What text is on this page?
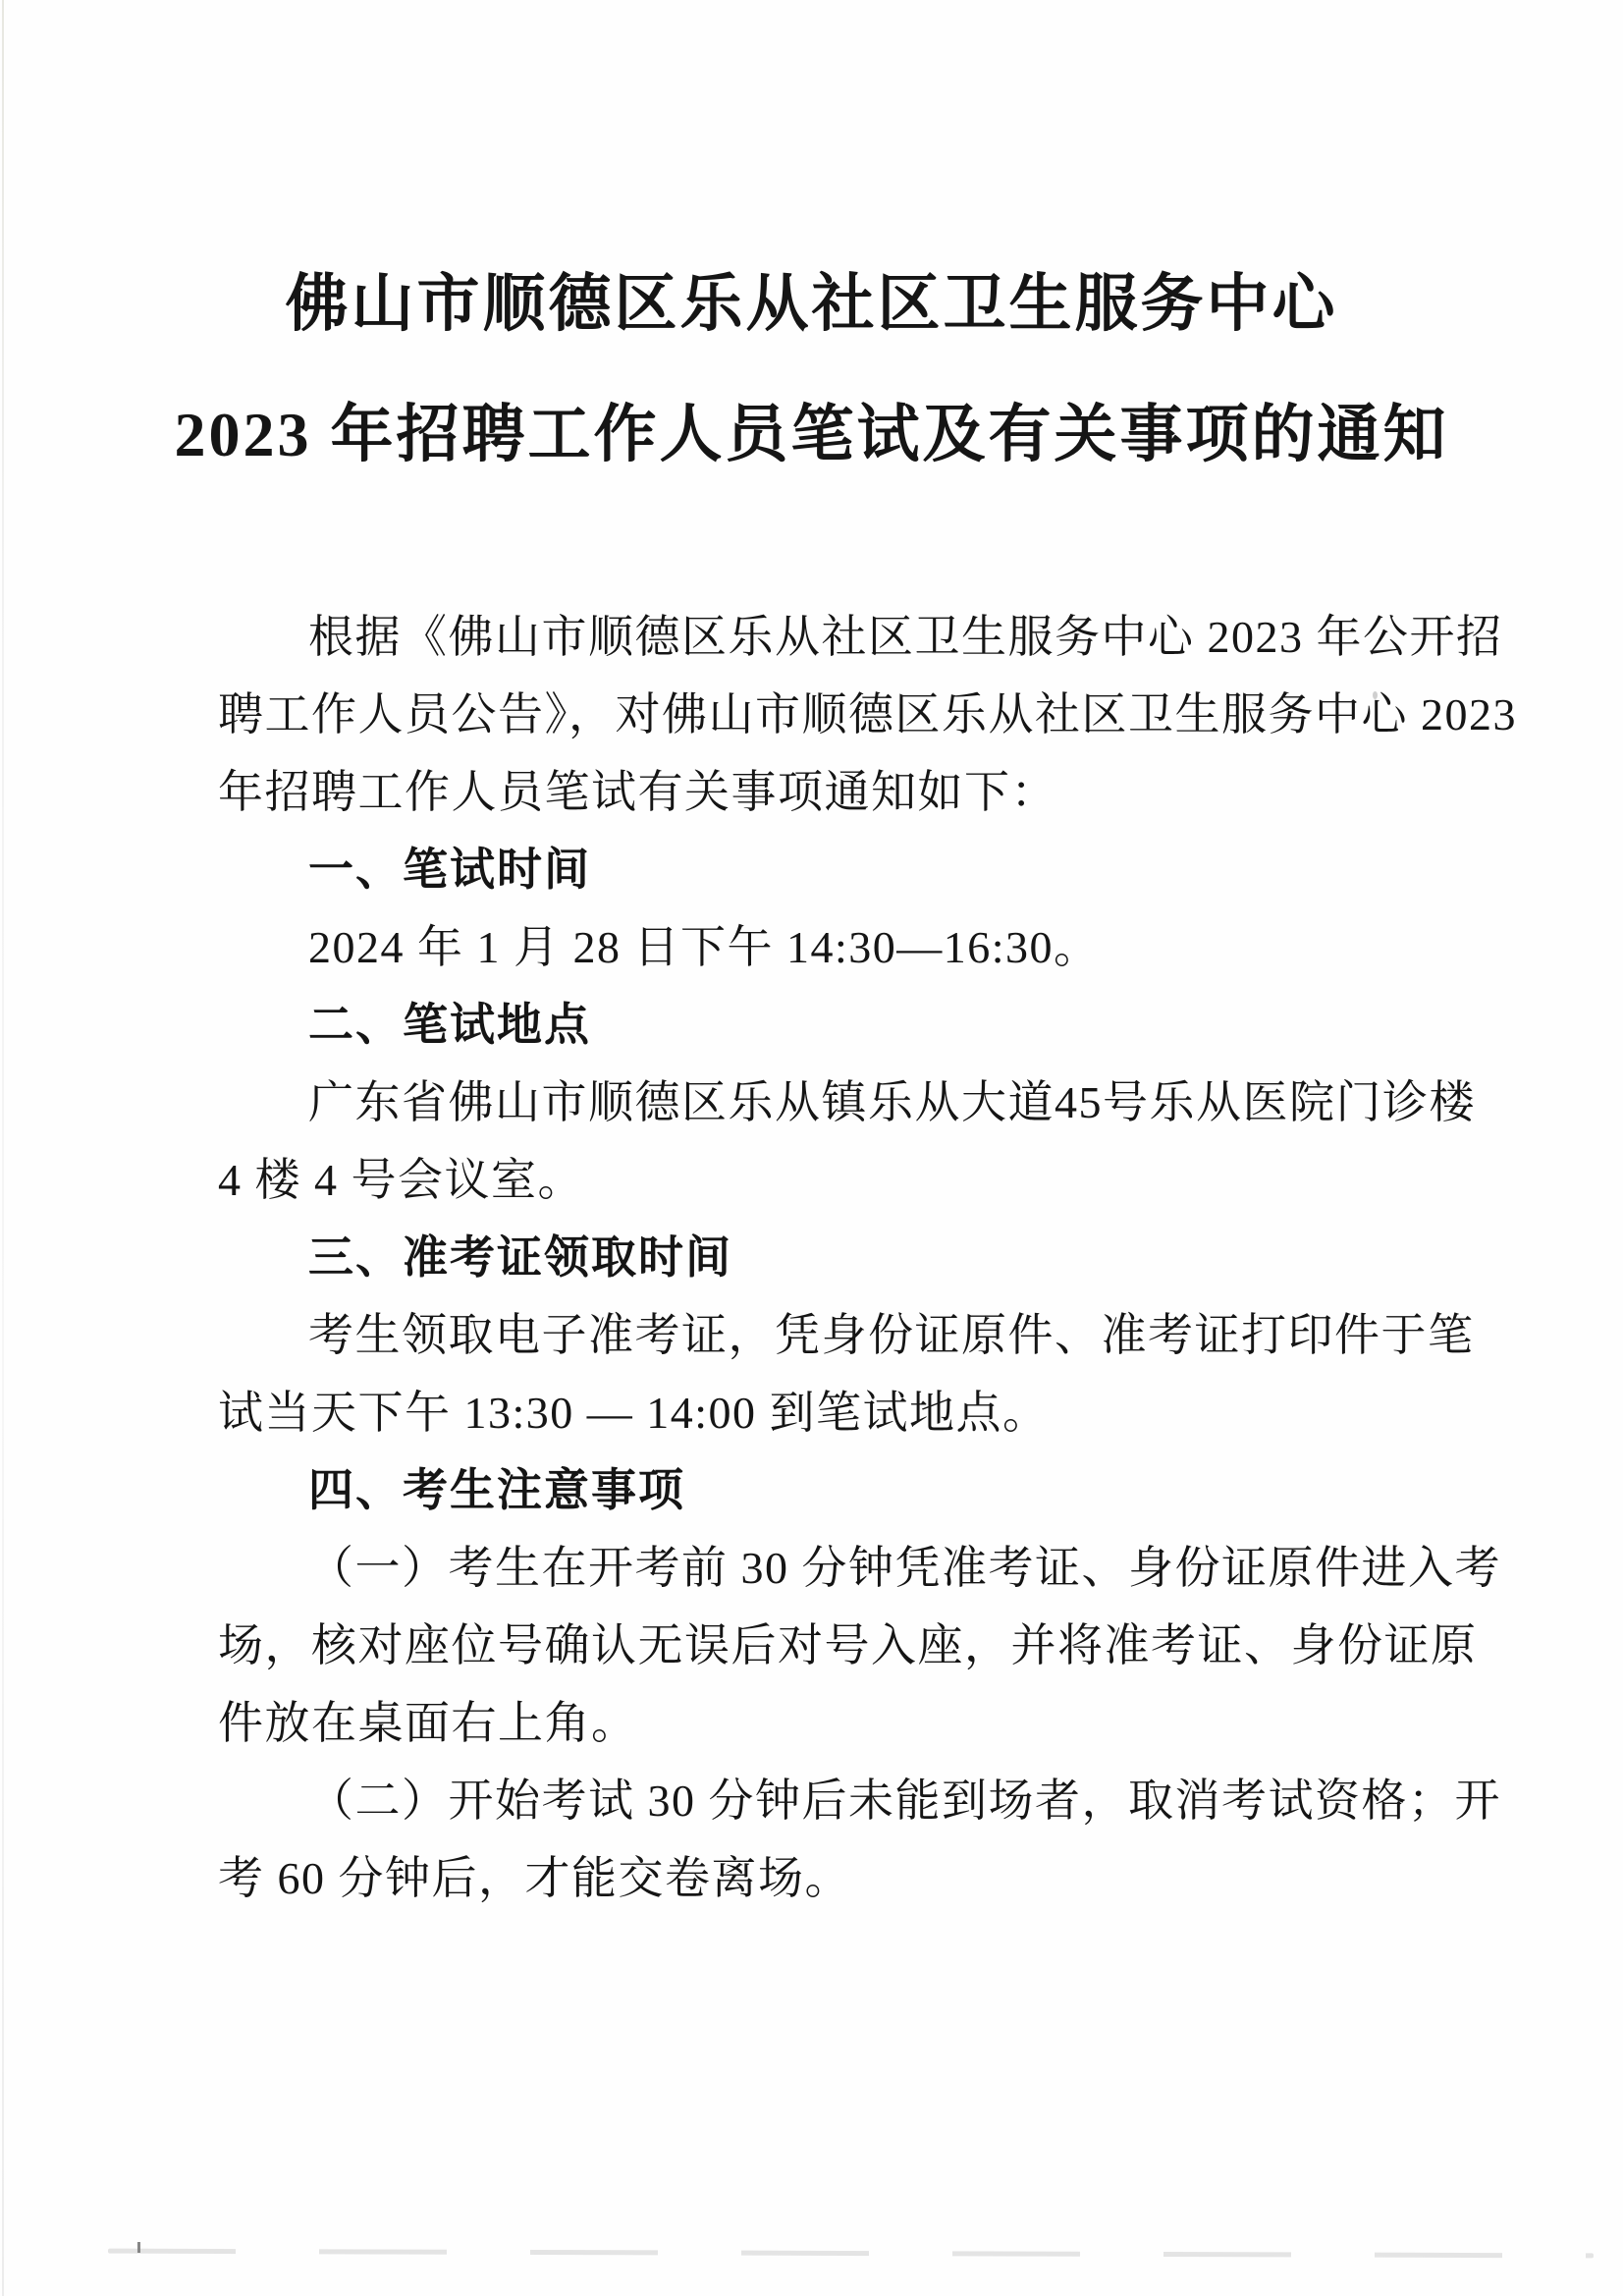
佛山市顺德区乐从社区卫生服务中心
2023 年招聘工作人员笔试及有关事项的通知
根据《佛山市顺德区乐从社区卫生服务中心 2023 年公开招
聘工作人员公告》，对佛山市顺德区乐从社区卫生服务中心 2023
年招聘工作人员笔试有关事项通知如下：
一、笔试时间
2024 年 1 月 28 日下午 14:30—16:30。
二、笔试地点
广东省佛山市顺德区乐从镇乐从大道45号乐从医院门诊楼
4 楼 4 号会议室。
三、准考证领取时间
考生领取电子准考证，凭身份证原件、准考证打印件于笔
试当天下午 13:30 — 14:00 到笔试地点。
四、考生注意事项
（一）考生在开考前 30 分钟凭准考证、身份证原件进入考
场，核对座位号确认无误后对号入座，并将准考证、身份证原
件放在桌面右上角。
（二）开始考试 30 分钟后未能到场者，取消考试资格；开
考 60 分钟后，才能交卷离场。
